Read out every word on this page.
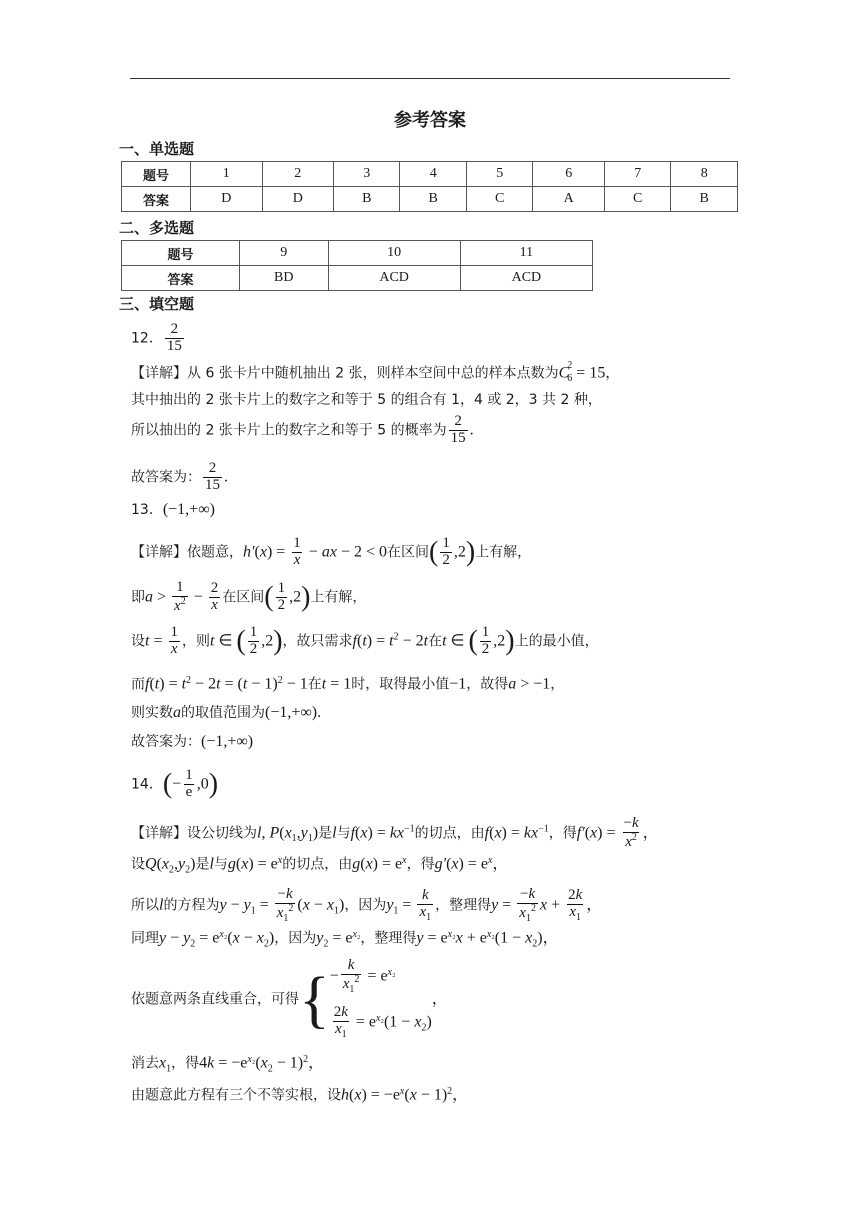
参考答案
一、单选题
题号	1	2	3	4	5	6	7	8
答案	D	D	B	B	C	A	C	B
二、多选题
题号	9	10	11
答案	BD	ACD	ACD
三、填空题
12． $\frac{2}{15}$
【详解】从 6 张卡片中随机抽出 2 张，则样本空间中总的样本点数为$C_6^2 = 15$，
其中抽出的 2 张卡片上的数字之和等于 5 的组合有 1，4 或 2，3 共 2 种，
所以抽出的 2 张卡片上的数字之和等于 5 的概率为 $\frac{2}{15}$ .
故答案为： $\frac{2}{15}$ .
13．(−1,+∞)
【详解】依题意，$h'(x) = \frac{1}{x}$ − ax − 2 < 0在区间( $\frac{1}{2} ,2$)上有解，
即$a > \frac{1}{x^2} - \frac{2}{x}$ 在区间( $\frac{1}{2} ,2$)上有解，
设$t = \frac{1}{x}$ ，则t ∈ ( $\frac{1}{2} ,2$)，故只需求$f(t) = t^2 - 2t$在t ∈ ( $\frac{1}{2} ,2$)上的最小值，
而$f(t) = t^2 - 2t = (t - 1)^2 - 1$在t = 1时，取得最小值−1，故得a > −1，
则实数a的取值范围为(−1,+∞).
故答案为：(−1,+∞)
14．(− $\frac{1}{e} ,0$)
【详解】设公切线为l, $P(x_1,y_1)$是l与$f(x) = kx^{-1}$的切点，由$f(x) = kx^{-1}$，得$f'(x) = \frac{-k}{x^2}$ ，
设$Q(x_2,y_2)$是l与$g(x) = e^x$的切点，由$g(x) = e^x$，得$g'(x) = e^x$，
所以l的方程为$y - y_1 = \frac{-k}{x_1^2} (x - x_1)$，因为$y_1 = \frac{k}{x_1}$ ，整理得$y = \frac{-k}{x_1^2}$ $x + \frac{2k}{x_1}$ ，
同理$y - y_2 = e^{x_2}(x - x_2)$，因为$y_2 = e^{x_2}$，整理得$y = e^{x_2}x + e^{x_2}(1 - x_2)$，
依题意两条直线重合，可得{ − $\frac{k}{x_1^2} = e^{x_2}$
$\frac{2k}{x_1} = e^{x_2}(1 - x_2)$
，
消去$x_1$，得$4k = -e^{x_2}(x_2 - 1)^2$，
由题意此方程有三个不等实根，设$h(x) = -e^x(x - 1)^2$，
